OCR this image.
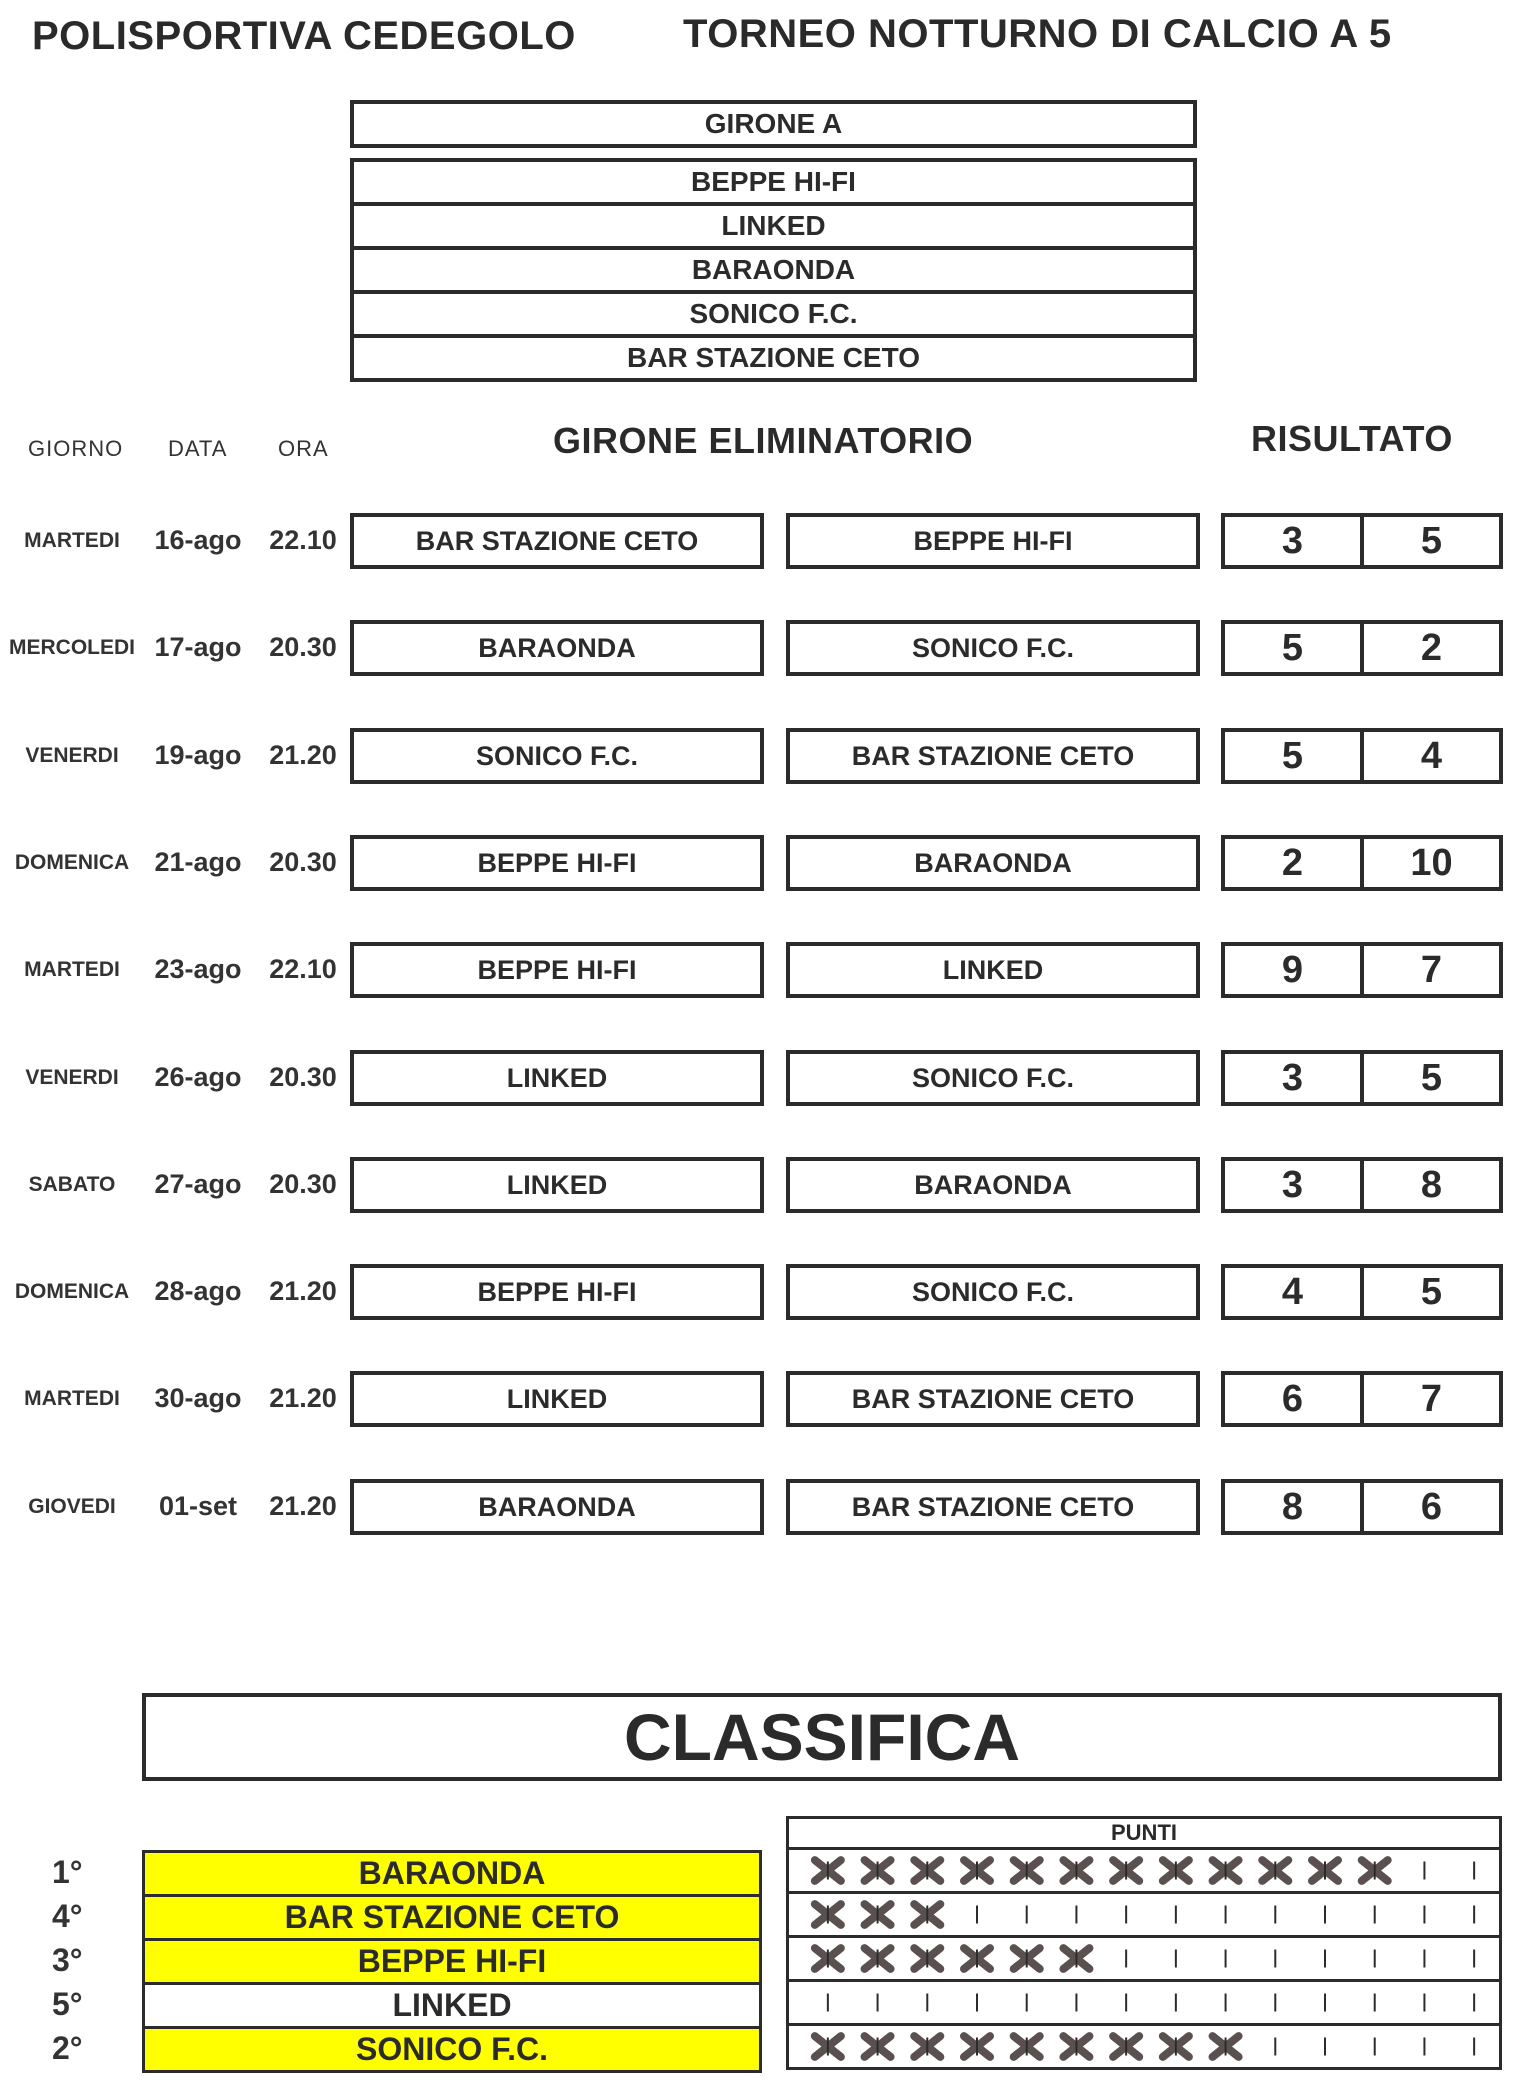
POLISPORTIVA CEDEGOLO	TORNEO NOTTURNO DI CALCIO A 5
GIRONE A
BEPPE HI-FI
LINKED
BARAONDA
SONICO F.C.
BAR STAZIONE CETO
GIORNO DATA ORA	GIRONE ELIMINATORIO	RISULTATO
MARTEDI	16-ago	22.10	BAR STAZIONE CETO	BEPPE HI-FI	3	5
MERCOLEDI 17-ago	20.30	BARAONDA	SONICO F.C.	5	2
VENERDI	19-ago	21.20	SONICO F.C.	BAR STAZIONE CETO	5	4
DOMENICA 21-ago	20.30	BEPPE HI-FI	BARAONDA	2	10
MARTEDI	23-ago	22.10	BEPPE HI-FI	LINKED	9	7
VENERDI	26-ago	20.30	LINKED	SONICO F.C.	3	5
SABATO	27-ago	20.30	LINKED	BARAONDA	3	8
DOMENICA 28-ago	21.20	BEPPE HI-FI	SONICO F.C.	4	5
MARTEDI	30-ago	21.20	LINKED	BAR STAZIONE CETO	6	7
GIOVEDI	01-set	21.20	BARAONDA	BAR STAZIONE CETO	8	6
CLASSIFICA
PUNTI
1°	BARAONDA
4°	BAR STAZIONE CETO
3°	BEPPE HI-FI
5°	LINKED
2°	SONICO F.C.
